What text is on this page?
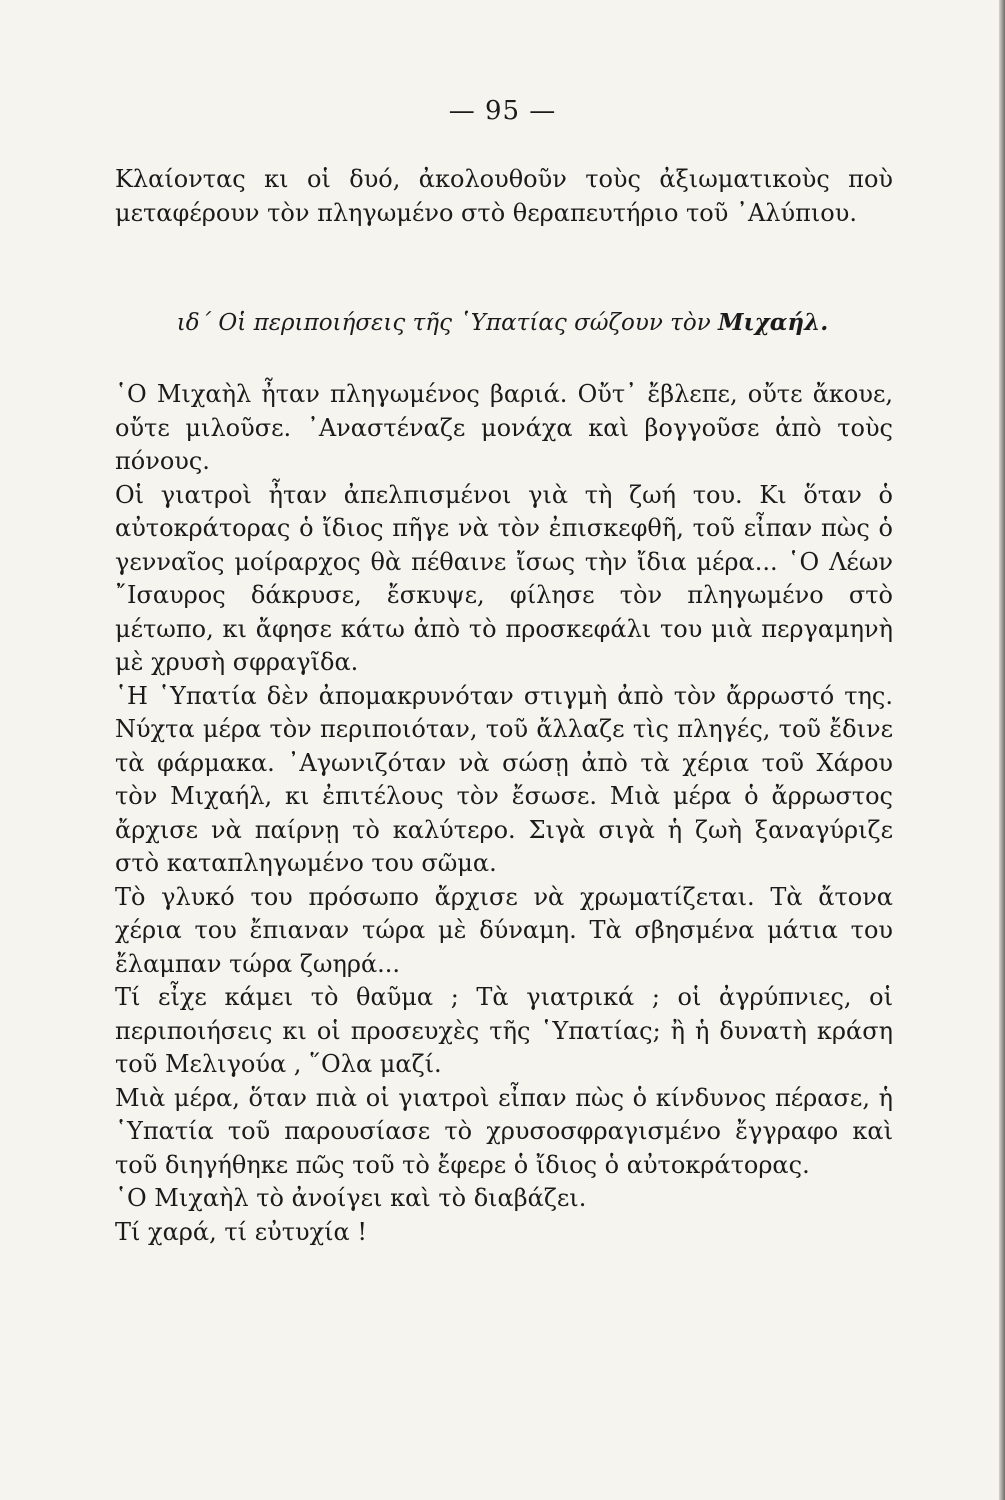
— 95 —
Κλαίοντας κι οἱ δυό, ἀκολουθοῦν τοὺς ἀξιωματικοὺς ποὺ μεταφέρουν τὸν πληγωμένο στὸ θεραπευτήριο τοῦ ᾿Αλύπιου.
ιδ΄ Οἱ περιποιήσεις τῆς ῾Υπατίας σώζουν τὸν Μιχαήλ.

῾Ο Μιχαὴλ ἦταν πληγωμένος βαριά. Οὔτ᾿ ἔβλεπε, οὔτε ἄκουε, οὔτε μιλοῦσε. ᾿Αναστέναζε μονάχα καὶ βογγοῦσε ἀπὸ τοὺς πόνους.

Οἱ γιατροὶ ἦταν ἀπελπισμένοι γιὰ τὴ ζωή του. Κι ὅταν ὁ αὐτοκράτορας ὁ ἴδιος πῆγε νὰ τὸν ἐπισκεφθῆ, τοῦ εἶπαν πὼς ὁ γενναῖος μοίραρχος θὰ πέθαινε ἴσως τὴν ἴδια μέρα... ῾Ο Λέων ῎Ισαυρος δάκρυσε, ἔσκυψε, φίλησε τὸν πληγωμένο στὸ μέτωπο, κι ἄφησε κάτω ἀπὸ τὸ προσκεφάλι του μιὰ περγαμηνὴ μὲ χρυσὴ σφραγῖδα.

῾Η ῾Υπατία δὲν ἀπομακρυνόταν στιγμὴ ἀπὸ τὸν ἄρρωστό της. Νύχτα μέρα τὸν περιποιόταν, τοῦ ἄλλαζε τὶς πληγές, τοῦ ἔδινε τὰ φάρμακα. ᾿Αγωνιζόταν νὰ σώσῃ ἀπὸ τὰ χέρια τοῦ Χάρου τὸν Μιχαήλ, κι ἐπιτέλους τὸν ἔσωσε. Μιὰ μέρα ὁ ἄρρωστος ἄρχισε νὰ παίρνῃ τὸ καλύτερο. Σιγὰ σιγὰ ἡ ζωὴ ξαναγύριζε στὸ καταπληγωμένο του σῶμα.

Τὸ γλυκό του πρόσωπο ἄρχισε νὰ χρωματίζεται. Τὰ ἄτονα χέρια του ἔπιαναν τώρα μὲ δύναμη. Τὰ σβησμένα μάτια του ἔλαμπαν τώρα ζωηρά...

Τί εἶχε κάμει τὸ θαῦμα ; Τὰ γιατρικά ; οἱ ἀγρύπνιες, οἱ περιποιήσεις κι οἱ προσευχὲς τῆς ῾Υπατίας; ἢ ἡ δυνατὴ κράση τοῦ Μελιγούα , ῞Ολα μαζί.

Μιὰ μέρα, ὅταν πιὰ οἱ γιατροὶ εἶπαν πὼς ὁ κίνδυνος πέρασε, ἡ ῾Υπατία τοῦ παρουσίασε τὸ χρυσοσφραγισμένο ἔγγραφο καὶ τοῦ διηγήθηκε πῶς τοῦ τὸ ἔφερε ὁ ἴδιος ὁ αὐτοκράτορας.

῾Ο Μιχαὴλ τὸ ἀνοίγει καὶ τὸ διαβάζει.

Τί χαρά, τί εὐτυχία !
